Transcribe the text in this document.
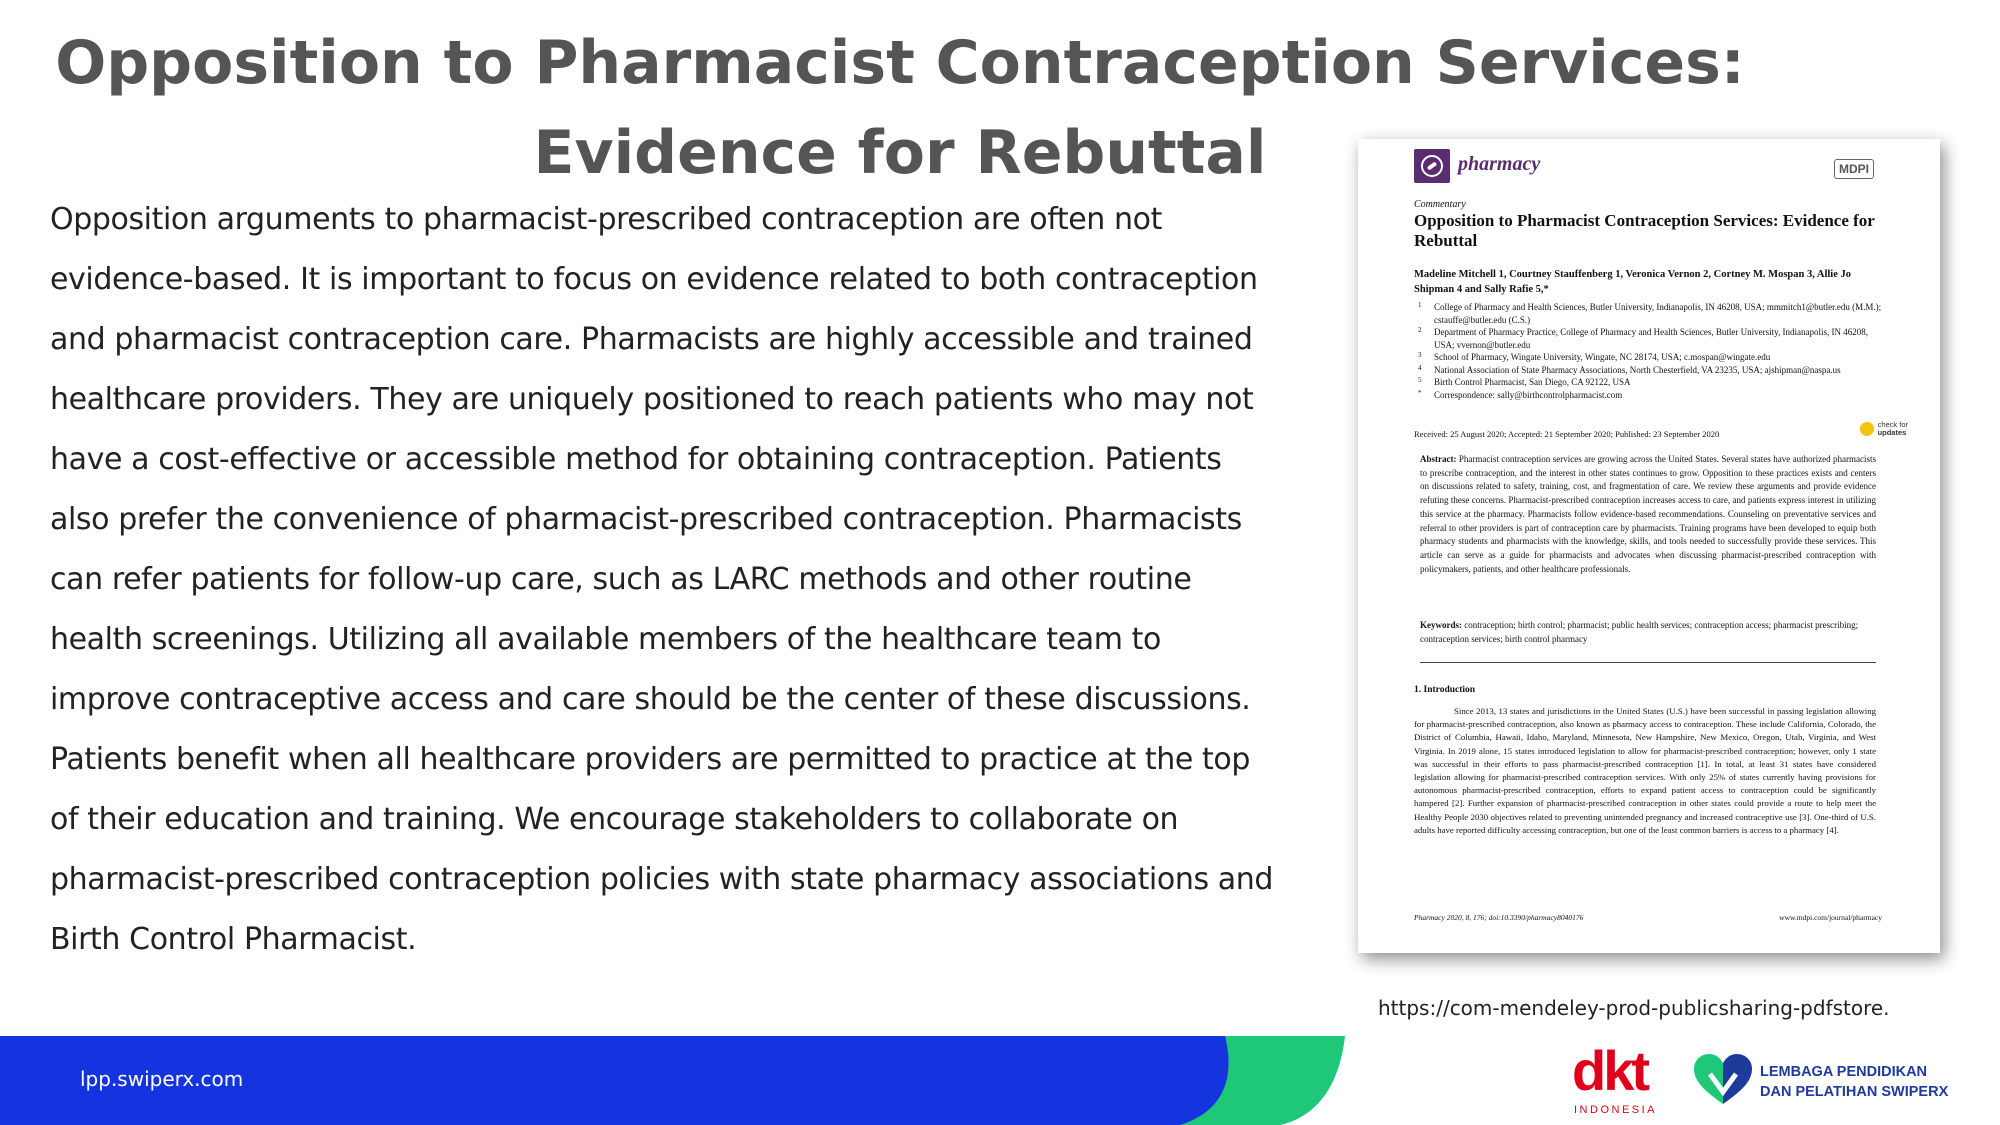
Opposition to Pharmacist Contraception Services:
Evidence for Rebuttal

Opposition arguments to pharmacist-prescribed contraception are often not evidence-based. It is important to focus on evidence related to both contraception and pharmacist contraception care. Pharmacists are highly accessible and trained healthcare providers. They are uniquely positioned to reach patients who may not have a cost-effective or accessible method for obtaining contraception. Patients also prefer the convenience of pharmacist-prescribed contraception. Pharmacists can refer patients for follow-up care, such as LARC methods and other routine health screenings. Utilizing all available members of the healthcare team to improve contraceptive access and care should be the center of these discussions. Patients benefit when all healthcare providers are permitted to practice at the top of their education and training. We encourage stakeholders to collaborate on pharmacist-prescribed contraception policies with state pharmacy associations and Birth Control Pharmacist.

pharmacy	MDPI
Commentary
Opposition to Pharmacist Contraception Services: Evidence for Rebuttal
Madeline Mitchell 1, Courtney Stauffenberg 1, Veronica Vernon 2, Cortney M. Mospan 3, Allie Jo Shipman 4 and Sally Rafie 5,*
1 College of Pharmacy and Health Sciences, Butler University, Indianapolis, IN 46208, USA; mmmitch1@butler.edu (M.M.); cstauffe@butler.edu (C.S.)
2 Department of Pharmacy Practice, College of Pharmacy and Health Sciences, Butler University, Indianapolis, IN 46208, USA; vvernon@butler.edu
3 School of Pharmacy, Wingate University, Wingate, NC 28174, USA; c.mospan@wingate.edu
4 National Association of State Pharmacy Associations, North Chesterfield, VA 23235, USA; ajshipman@naspa.us
5 Birth Control Pharmacist, San Diego, CA 92122, USA
* Correspondence: sally@birthcontrolpharmacist.com
Received: 25 August 2020; Accepted: 21 September 2020; Published: 23 September 2020
check for
updates
Abstract: Pharmacist contraception services are growing across the United States. Several states have authorized pharmacists to prescribe contraception, and the interest in other states continues to grow. Opposition to these practices exists and centers on discussions related to safety, training, cost, and fragmentation of care. We review these arguments and provide evidence refuting these concerns. Pharmacist-prescribed contraception increases access to care, and patients express interest in utilizing this service at the pharmacy. Pharmacists follow evidence-based recommendations. Counseling on preventative services and referral to other providers is part of contraception care by pharmacists. Training programs have been developed to equip both pharmacy students and pharmacists with the knowledge, skills, and tools needed to successfully provide these services. This article can serve as a guide for pharmacists and advocates when discussing pharmacist-prescribed contraception with policymakers, patients, and other healthcare professionals.
Keywords: contraception; birth control; pharmacist; public health services; contraception access; pharmacist prescribing; contraception services; birth control pharmacy
1. Introduction
Since 2013, 13 states and jurisdictions in the United States (U.S.) have been successful in passing legislation allowing for pharmacist-prescribed contraception, also known as pharmacy access to contraception. These include California, Colorado, the District of Columbia, Hawaii, Idaho, Maryland, Minnesota, New Hampshire, New Mexico, Oregon, Utah, Virginia, and West Virginia. In 2019 alone, 15 states introduced legislation to allow for pharmacist-prescribed contraception; however, only 1 state was successful in their efforts to pass pharmacist-prescribed contraception [1]. In total, at least 31 states have considered legislation allowing for pharmacist-prescribed contraception services. With only 25% of states currently having provisions for autonomous pharmacist-prescribed contraception, efforts to expand patient access to contraception could be significantly hampered [2]. Further expansion of pharmacist-prescribed contraception in other states could provide a route to help meet the Healthy People 2030 objectives related to preventing unintended pregnancy and increased contraceptive use [3]. One-third of U.S. adults have reported difficulty accessing contraception, but one of the least common barriers is access to a pharmacy [4].
Pharmacy 2020, 8, 176; doi:10.3390/pharmacy8040176	www.mdpi.com/journal/pharmacy
https://com-mendeley-prod-publicsharing-pdfstore.
lpp.swiperx.com	dkt
INDONESIA
LEMBAGA PENDIDIKAN
DAN PELATIHAN SWIPERX
